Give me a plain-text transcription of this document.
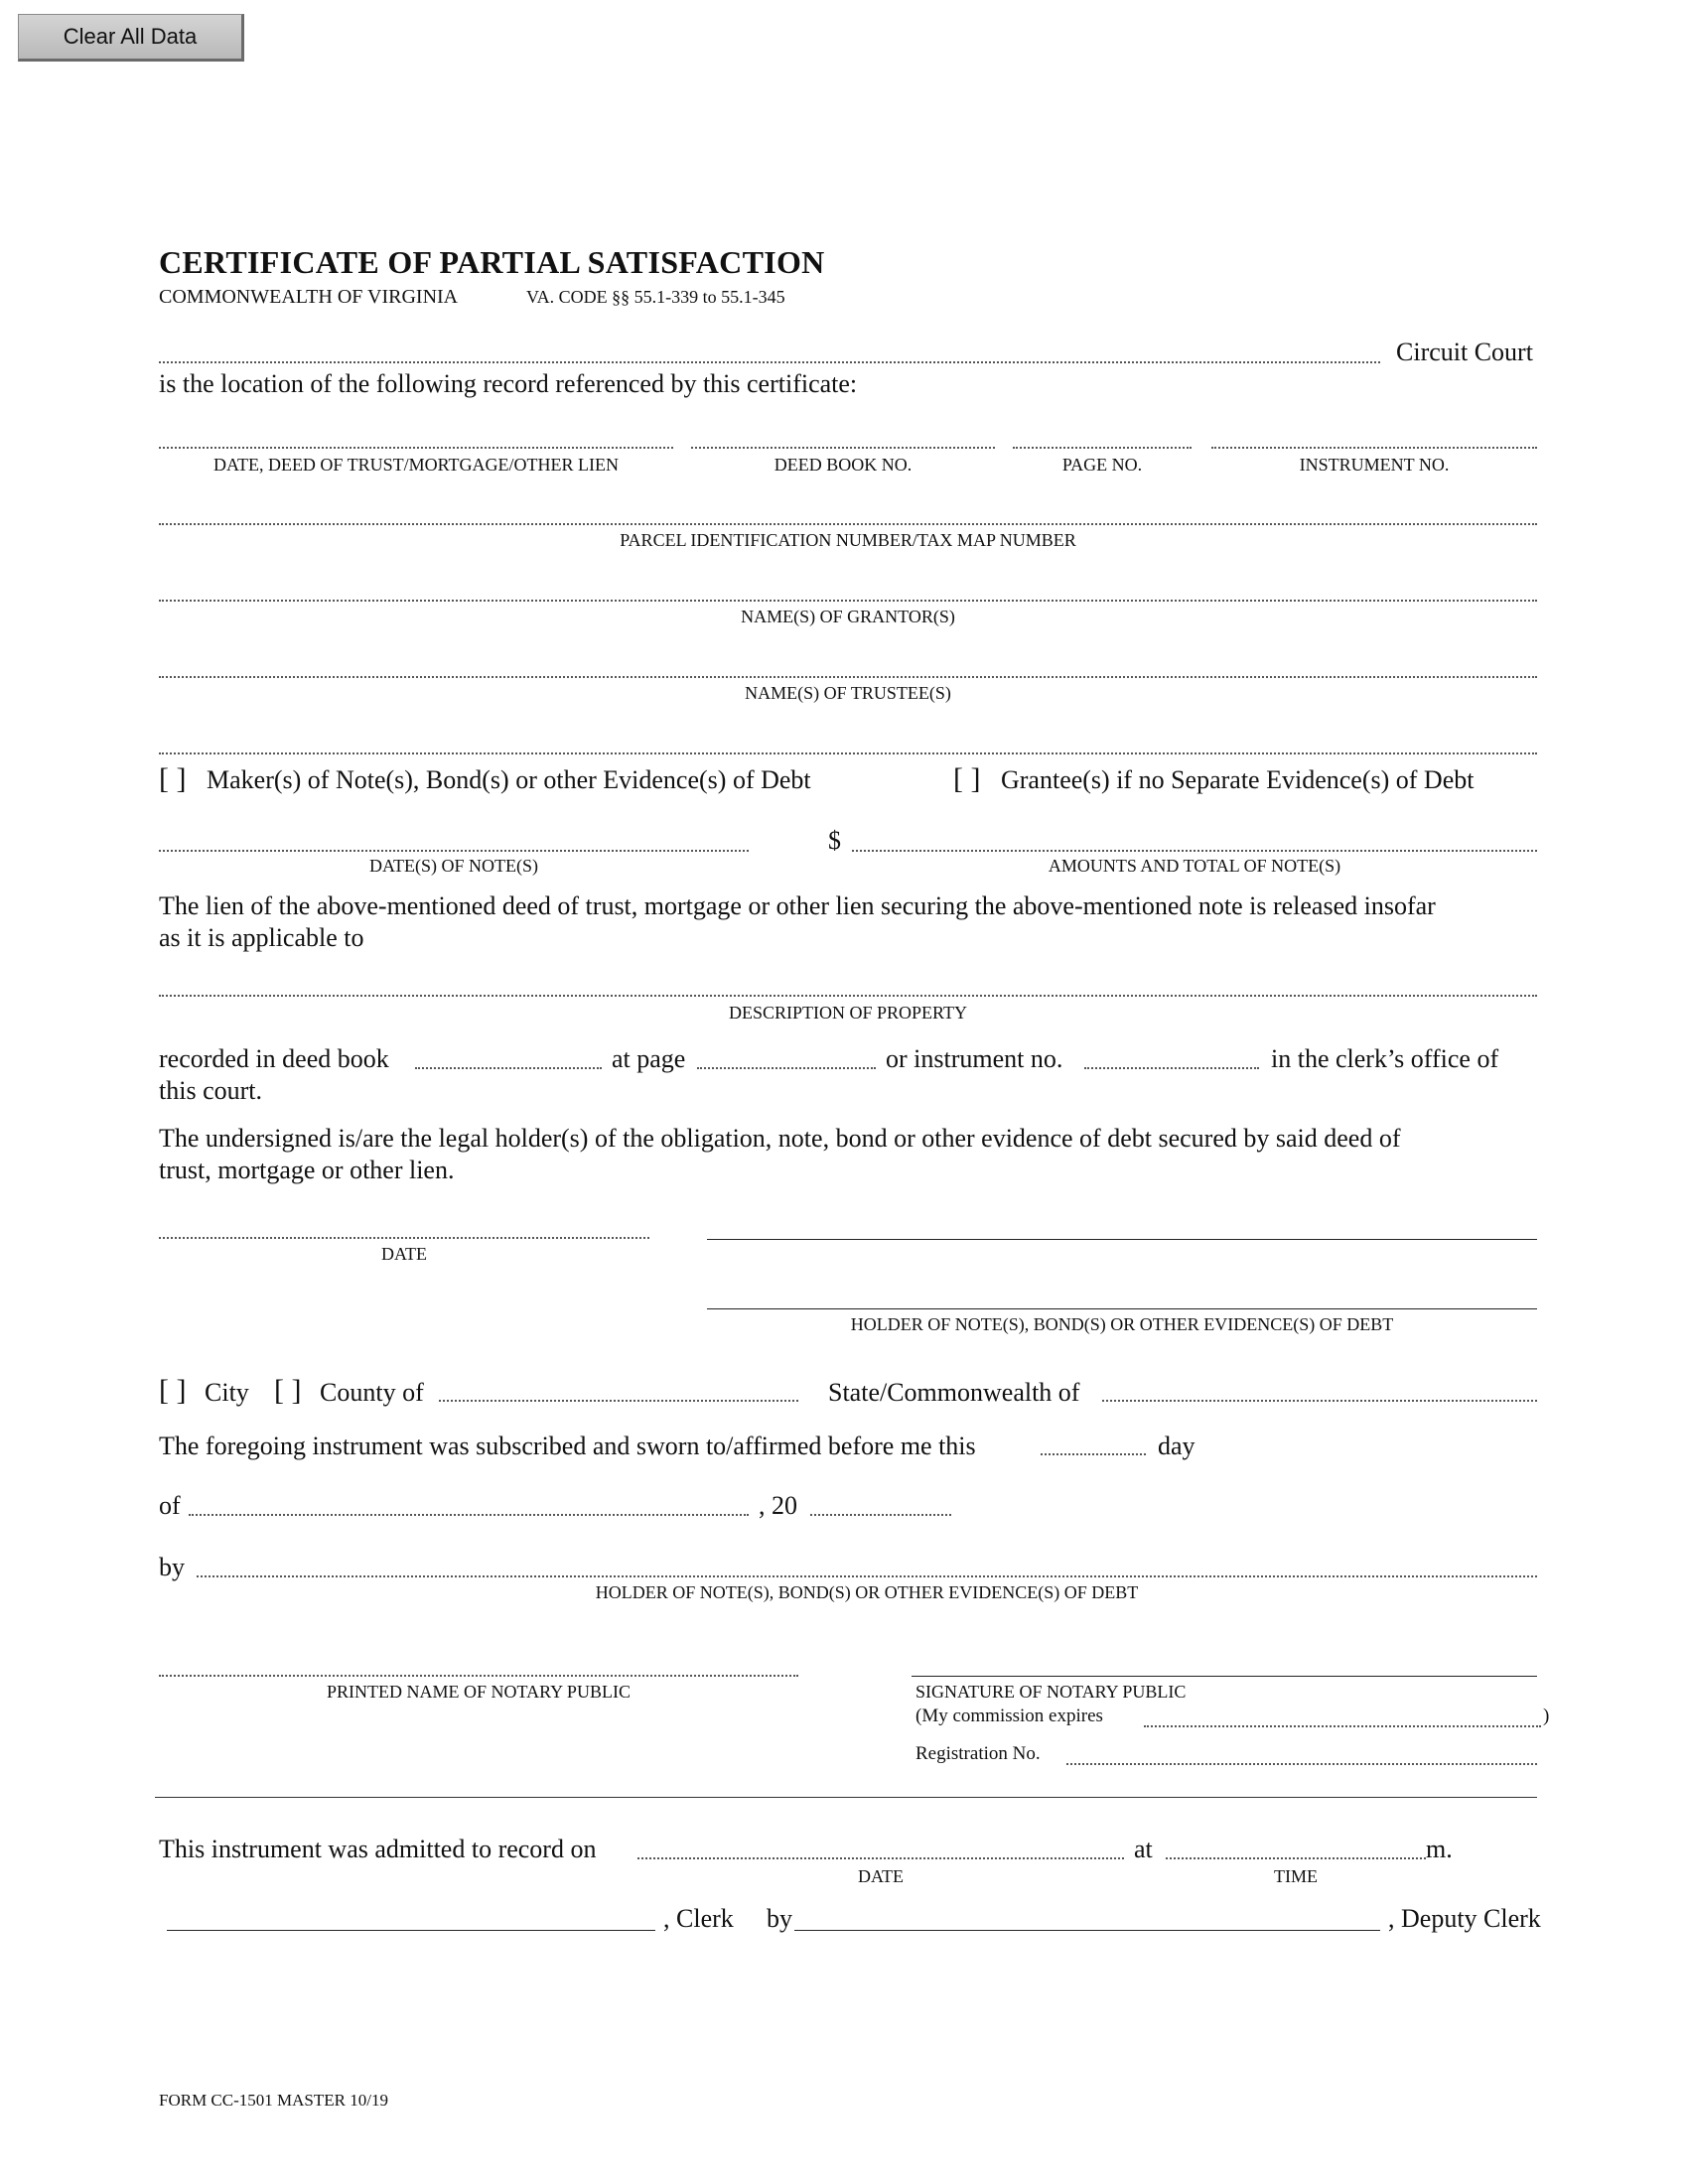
Clear All Data
CERTIFICATE OF PARTIAL SATISFACTION
COMMONWEALTH OF VIRGINIA	VA. CODE §§ 55.1-339 to 55.1-345
Circuit Court
is the location of the following record referenced by this certificate:
DATE, DEED OF TRUST/MORTGAGE/OTHER LIEN	DEED BOOK NO.	PAGE NO.	INSTRUMENT NO.
PARCEL IDENTIFICATION NUMBER/TAX MAP NUMBER
NAME(S) OF GRANTOR(S)
NAME(S) OF TRUSTEE(S)
[ ] Maker(s) of Note(s), Bond(s) or other Evidence(s) of Debt	[ ] Grantee(s) if no Separate Evidence(s) of Debt
$
DATE(S) OF NOTE(S)	AMOUNTS AND TOTAL OF NOTE(S)
The lien of the above-mentioned deed of trust, mortgage or other lien securing the above-mentioned note is released insofar
as it is applicable to
DESCRIPTION OF PROPERTY
recorded in deed book	at page	or instrument no.	in the clerk’s office of
this court.
The undersigned is/are the legal holder(s) of the obligation, note, bond or other evidence of debt secured by said deed of
trust, mortgage or other lien.
DATE
HOLDER OF NOTE(S), BOND(S) OR OTHER EVIDENCE(S) OF DEBT
[ ] City [ ] County of	State/Commonwealth of
The foregoing instrument was subscribed and sworn to/affirmed before me this	day
of	, 20
by
HOLDER OF NOTE(S), BOND(S) OR OTHER EVIDENCE(S) OF DEBT
PRINTED NAME OF NOTARY PUBLIC	SIGNATURE OF NOTARY PUBLIC
(My commission expires	)
Registration No.
This instrument was admitted to record on	at	m.
DATE	TIME
, Clerk by	, Deputy Clerk
FORM CC-1501 MASTER 10/19
